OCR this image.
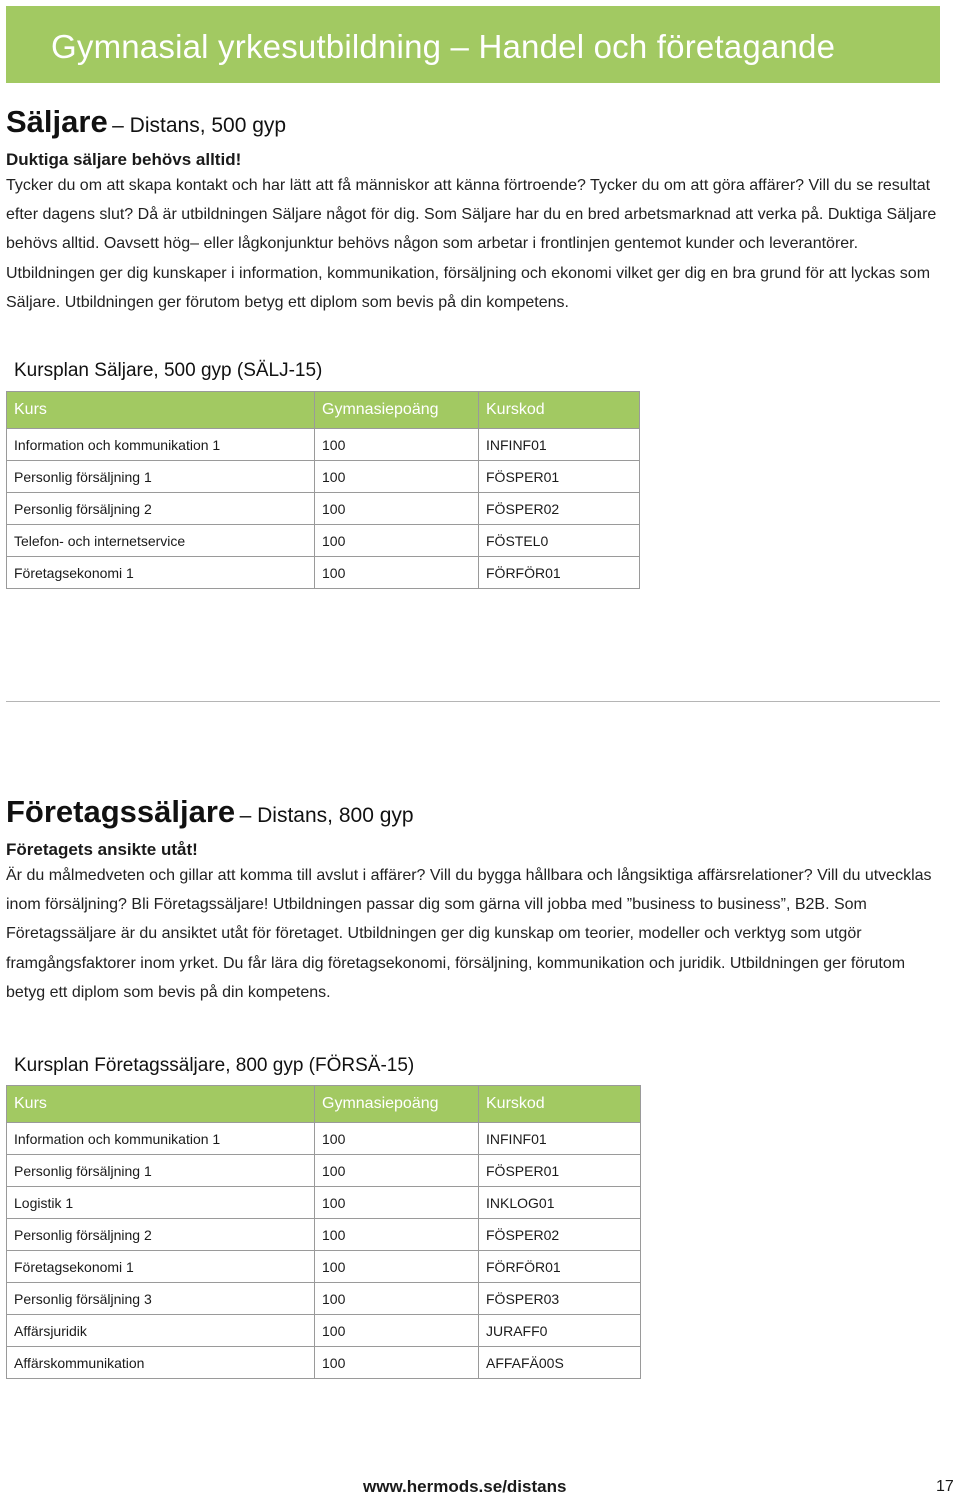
Gymnasial yrkesutbildning – Handel och företagande

Säljare – Distans, 500 gyp

Duktiga säljare behövs alltid!

Tycker du om att skapa kontakt och har lätt att få människor att känna förtroende? Tycker du om att göra affärer? Vill du se resultat efter dagens slut? Då är utbildningen Säljare något för dig. Som Säljare har du en bred arbetsmarknad att verka på. Duktiga Säljare behövs alltid. Oavsett hög– eller lågkonjunktur behövs någon som arbetar i frontlinjen gentemot kunder och leverantörer. Utbildningen ger dig kunskaper i information, kommunikation, försäljning och ekonomi vilket ger dig en bra grund för att lyckas som Säljare. Utbildningen ger förutom betyg ett diplom som bevis på din kompetens.

Kursplan Säljare, 500 gyp (SÄLJ-15)
Kurs	Gymnasiepoäng	Kurskod
Information och kommunikation 1	100	INFINF01
Personlig försäljning 1	100	FÖSPER01
Personlig försäljning 2	100	FÖSPER02
Telefon- och internetservice	100	FÖSTEL0
Företagsekonomi 1	100	FÖRFÖR01

Företagssäljare – Distans, 800 gyp

Företagets ansikte utåt!

Är du målmedveten och gillar att komma till avslut i affärer? Vill du bygga hållbara och långsiktiga affärsrelationer? Vill du utvecklas inom försäljning? Bli Företagssäljare! Utbildningen passar dig som gärna vill jobba med ”business to business”, B2B. Som Företagssäljare är du ansiktet utåt för företaget. Utbildningen ger dig kunskap om teorier, modeller och verktyg som utgör framgångsfaktorer inom yrket. Du får lära dig företagsekonomi, försäljning, kommunikation och juridik. Utbildningen ger förutom betyg ett diplom som bevis på din kompetens.

Kursplan Företagssäljare, 800 gyp (FÖRSÄ-15)
Kurs	Gymnasiepoäng	Kurskod
Information och kommunikation 1	100	INFINF01
Personlig försäljning 1	100	FÖSPER01
Logistik 1	100	INKLOG01
Personlig försäljning 2	100	FÖSPER02
Företagsekonomi 1	100	FÖRFÖR01
Personlig försäljning 3	100	FÖSPER03
Affärsjuridik	100	JURAFF0
Affärskommunikation	100	AFFAFÄ00S
www.hermods.se/distans	17
